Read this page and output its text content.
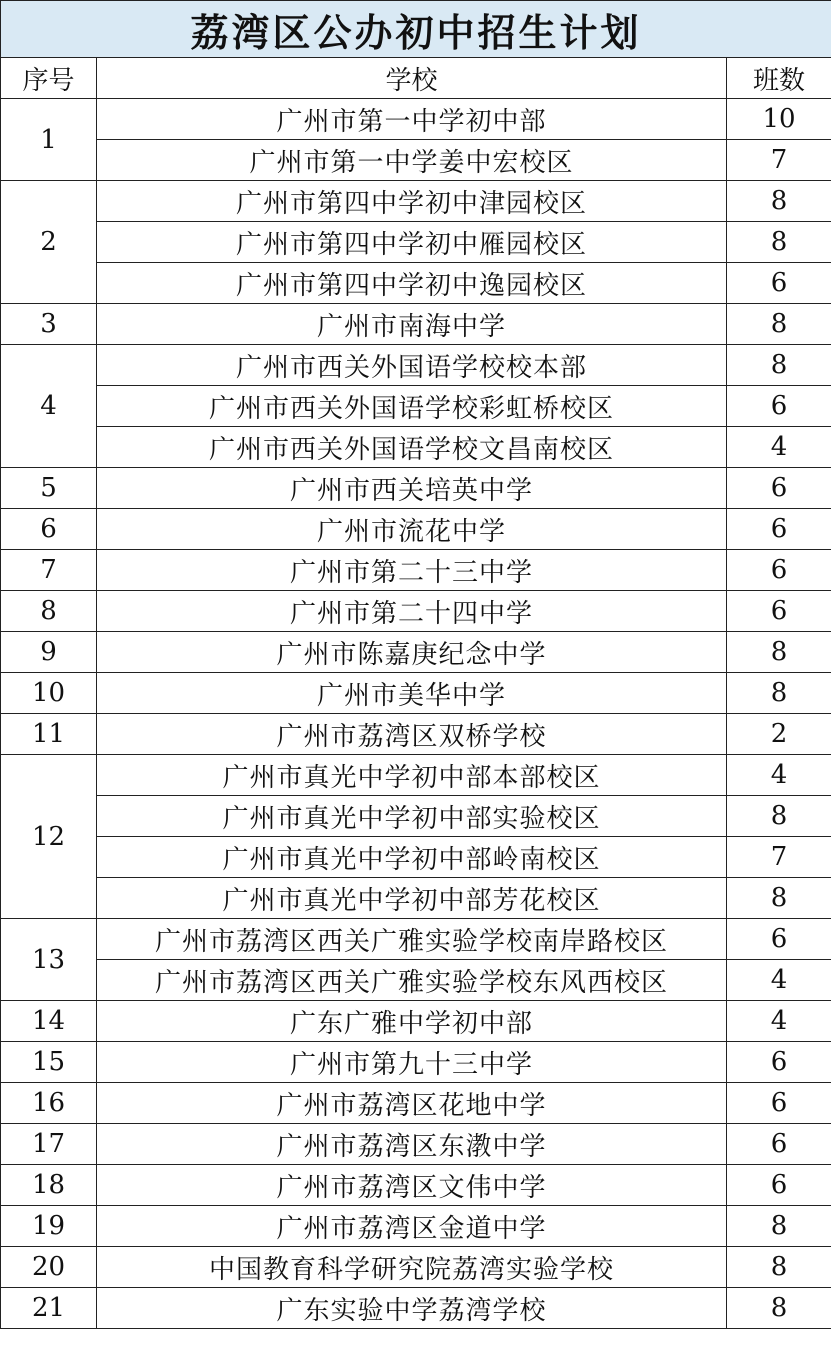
荔湾区公办初中招生计划		
序号	学校	班数
1	广州市第一中学初中部	10
	广州市第一中学姜中宏校区	7
2	广州市第四中学初中津园校区	8
	广州市第四中学初中雁园校区	8
	广州市第四中学初中逸园校区	6
3	广州市南海中学	8
4	广州市西关外国语学校校本部	8
	广州市西关外国语学校彩虹桥校区	6
	广州市西关外国语学校文昌南校区	4
5	广州市西关培英中学	6
6	广州市流花中学	6
7	广州市第二十三中学	6
8	广州市第二十四中学	6
9	广州市陈嘉庚纪念中学	8
10	广州市美华中学	8
11	广州市荔湾区双桥学校	2
12	广州市真光中学初中部本部校区	4
	广州市真光中学初中部实验校区	8
	广州市真光中学初中部岭南校区	7
	广州市真光中学初中部芳花校区	8
13	广州市荔湾区西关广雅实验学校南岸路校区	6
	广州市荔湾区西关广雅实验学校东风西校区	4
14	广东广雅中学初中部	4
15	广州市第九十三中学	6
16	广州市荔湾区花地中学	6
17	广州市荔湾区东漖中学	6
18	广州市荔湾区文伟中学	6
19	广州市荔湾区金道中学	8
20	中国教育科学研究院荔湾实验学校	8
21	广东实验中学荔湾学校	8
